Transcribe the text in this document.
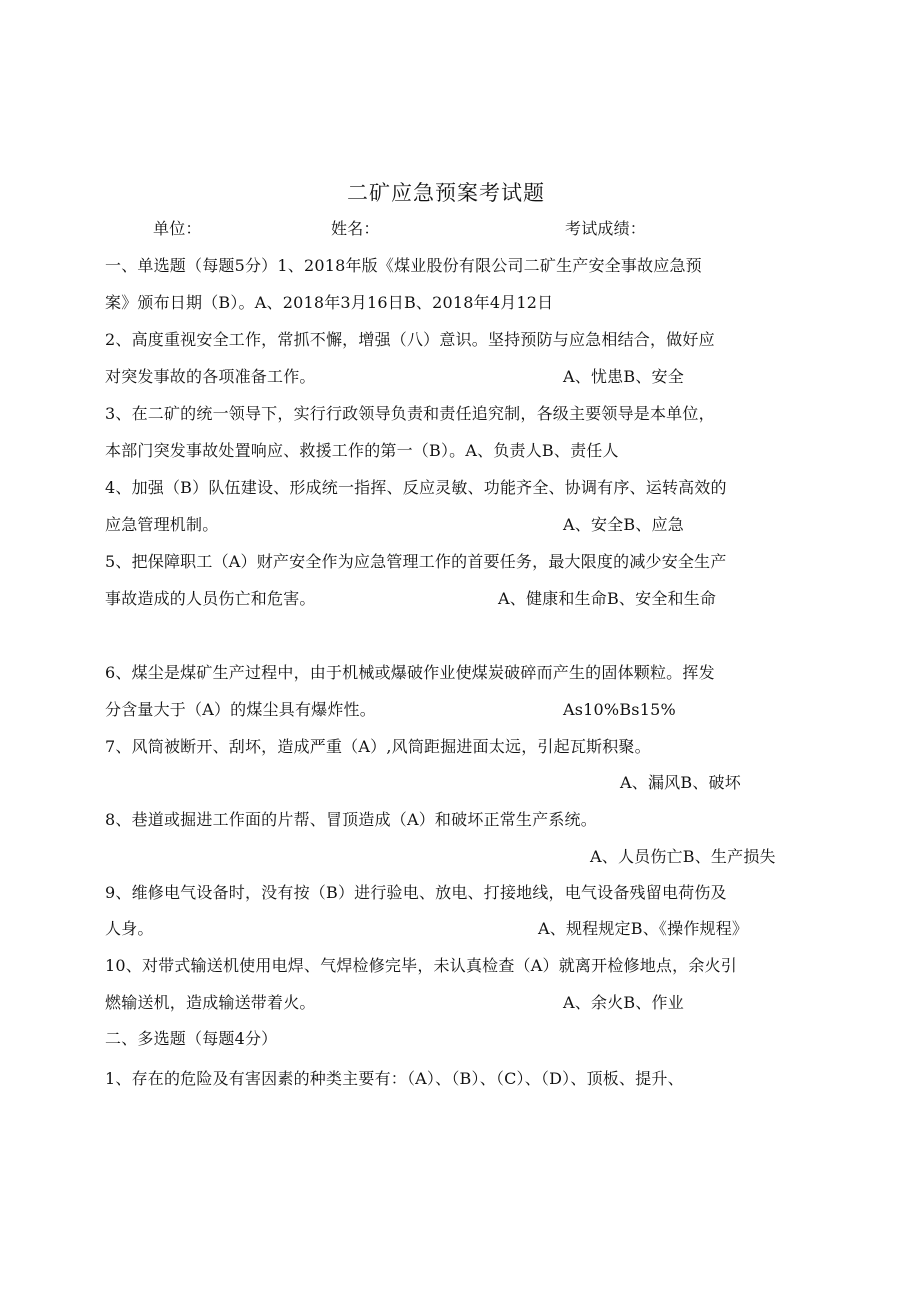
二矿应急预案考试题
单位：	姓名：	考试成绩：
一、单选题（每题5分）1、2018年版《煤业股份有限公司二矿生产安全事故应急预
案》颁布日期（B）。A、2018年3月16日B、2018年4月12日
2、高度重视安全工作，常抓不懈，增强（八）意识。坚持预防与应急相结合，做好应
对突发事故的各项准备工作。	A、忧患B、安全
3、在二矿的统一领导下，实行行政领导负责和责任追究制，各级主要领导是本单位，
本部门突发事故处置响应、救援工作的第一（B）。A、负责人B、责任人
4、加强（B）队伍建设、形成统一指挥、反应灵敏、功能齐全、协调有序、运转高效的
应急管理机制。	A、安全B、应急
5、把保障职工（A）财产安全作为应急管理工作的首要任务，最大限度的减少安全生产
事故造成的人员伤亡和危害。	A、健康和生命B、安全和生命
6、煤尘是煤矿生产过程中，由于机械或爆破作业使煤炭破碎而产生的固体颗粒。挥发
分含量大于（A）的煤尘具有爆炸性。	As10%Bs15%
7、风筒被断开、刮坏，造成严重（A）,风筒距掘进面太远，引起瓦斯积聚。
A、漏风B、破坏
8、巷道或掘进工作面的片帮、冒顶造成（A）和破坏正常生产系统。
A、人员伤亡B、生产损失
9、维修电气设备时，没有按（B）进行验电、放电、打接地线，电气设备残留电荷伤及
人身。	A、规程规定B、《操作规程》
10、对带式输送机使用电焊、气焊检修完毕，未认真检查（A）就离开检修地点，余火引
燃输送机，造成输送带着火。	A、余火B、作业
二、多选题（每题4分）
1、存在的危险及有害因素的种类主要有：（A）、（B）、（C）、（D）、顶板、提升、
